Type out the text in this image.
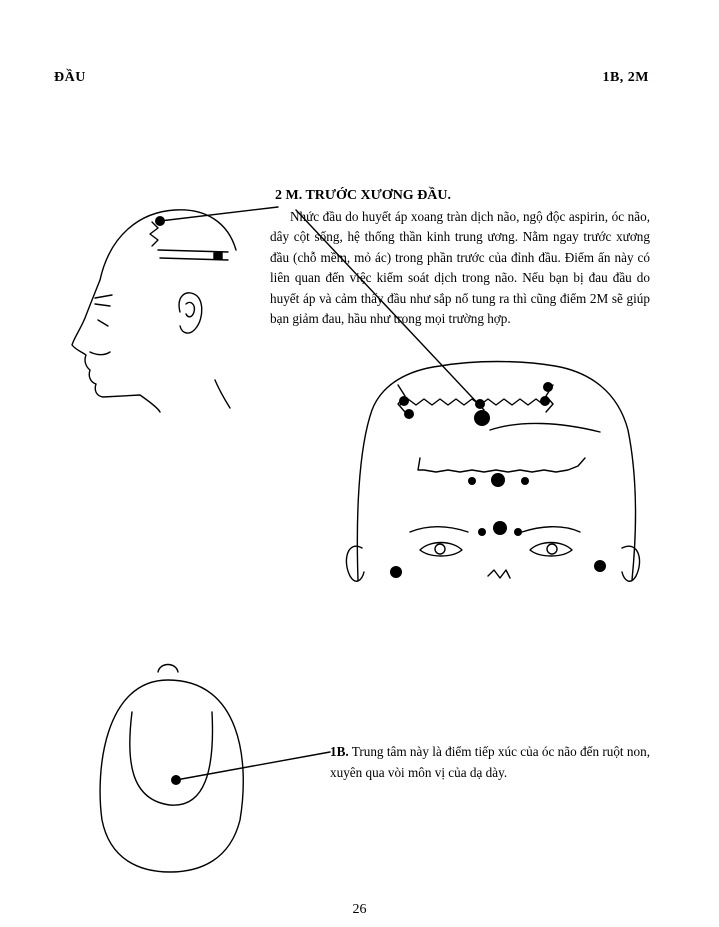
ĐẦU	1B, 2M
2 M. TRƯỚC XƯƠNG ĐẦU.
Nhức đầu do huyết áp xoang tràn dịch não, ngộ độc aspirin, óc não, dây cột sống, hệ thống thần kinh trung ương. Nằm ngay trước xương đầu (chỗ mềm, mỏ ác) trong phần trước của đỉnh đầu. Điểm ấn này có liên quan đến việc kiểm soát dịch trong não. Nếu bạn bị đau đầu do huyết áp và cảm thấy đầu như sắp nổ tung ra thì cũng điểm 2M sẽ giúp bạn giảm đau, hầu như trong mọi trường hợp.
1B. Trung tâm này là điểm tiếp xúc của óc não đến ruột non, xuyên qua vòi môn vị của dạ dày.
26
